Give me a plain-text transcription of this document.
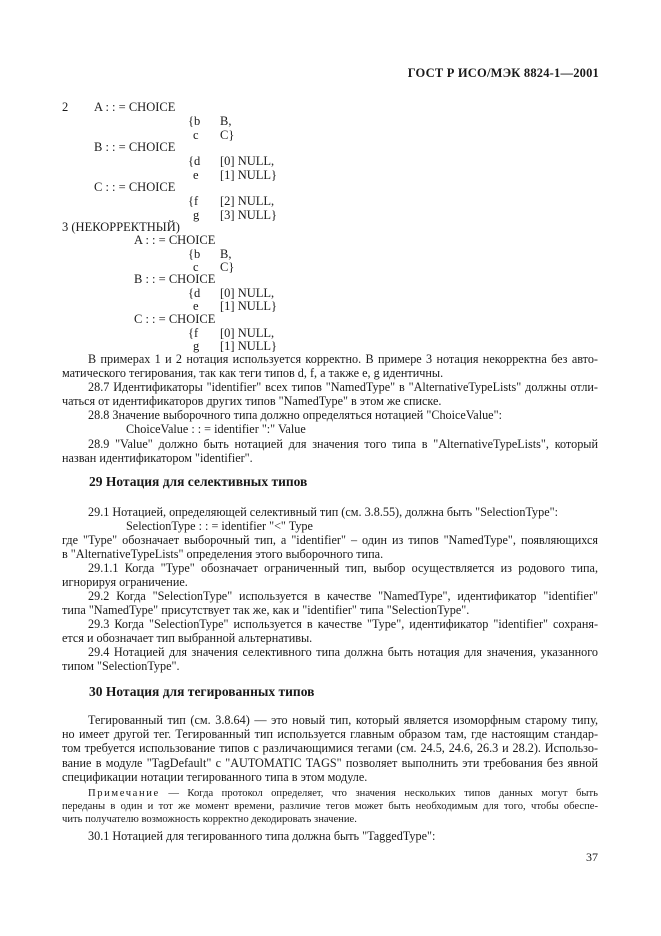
ГОСТ Р ИСО/МЭК 8824-1—2001
2 A : : = CHOICE
{b B,
c C}
B : : = CHOICE
{d [0] NULL,
e [1] NULL}
C : : = CHOICE
{f [2] NULL,
g [3] NULL}
3 (НЕКОРРЕКТНЫЙ)
A : : = CHOICE
{b B,
c C}
B : : = CHOICE
{d [0] NULL,
e [1] NULL}
C : : = CHOICE
{f [0] NULL,
g [1] NULL}
В примерах 1 и 2 нотация используется корректно. В примере 3 нотация некорректна без авто-
матического тегирования, так как теги типов d, f, а также e, g идентичны.
28.7 Идентификаторы "identifier" всех типов "NamedType" в "AlternativeTypeLists" должны отли-
чаться от идентификаторов других типов "NamedType" в этом же списке.
28.8 Значение выборочного типа должно определяться нотацией "ChoiceValue":
ChoiceValue : : = identifier ":" Value
28.9 "Value" должно быть нотацией для значения того типа в "AlternativeTypeLists", который
назван идентификатором "identifier".
29 Нотация для селективных типов
29.1 Нотацией, определяющей селективный тип (см. 3.8.55), должна быть "SelectionType":
SelectionType : : = identifier "<" Type
где "Type" обозначает выборочный тип, а "identifier" – один из типов "NamedType", появляющихся
в "AlternativeTypeLists" определения этого выборочного типа.
29.1.1 Когда "Type" обозначает ограниченный тип, выбор осуществляется из родового типа,
игнорируя ограничение.
29.2 Когда "SelectionType" используется в качестве "NamedType", идентификатор "identifier"
типа "NamedType" присутствует так же, как и "identifier" типа "SelectionType".
29.3 Когда "SelectionType" используется в качестве "Type", идентификатор "identifier" сохраня-
ется и обозначает тип выбранной альтернативы.
29.4 Нотацией для значения селективного типа должна быть нотация для значения, указанного
типом "SelectionType".
30 Нотация для тегированных типов
Тегированный тип (см. 3.8.64) — это новый тип, который является изоморфным старому типу,
но имеет другой тег. Тегированный тип используется главным образом там, где настоящим стандар-
том требуется использование типов с различающимися тегами (см. 24.5, 24.6, 26.3 и 28.2). Использо-
вание в модуле "TagDefault" с "AUTOMATIC TAGS" позволяет выполнить эти требования без явной
спецификации нотации тегированного типа в этом модуле.
Примечание — Когда протокол определяет, что значения нескольких типов данных могут быть
переданы в один и тот же момент времени, различие тегов может быть необходимым для того, чтобы обеспе-
чить получателю возможность корректно декодировать значение.
30.1 Нотацией для тегированного типа должна быть "TaggedType":
37
